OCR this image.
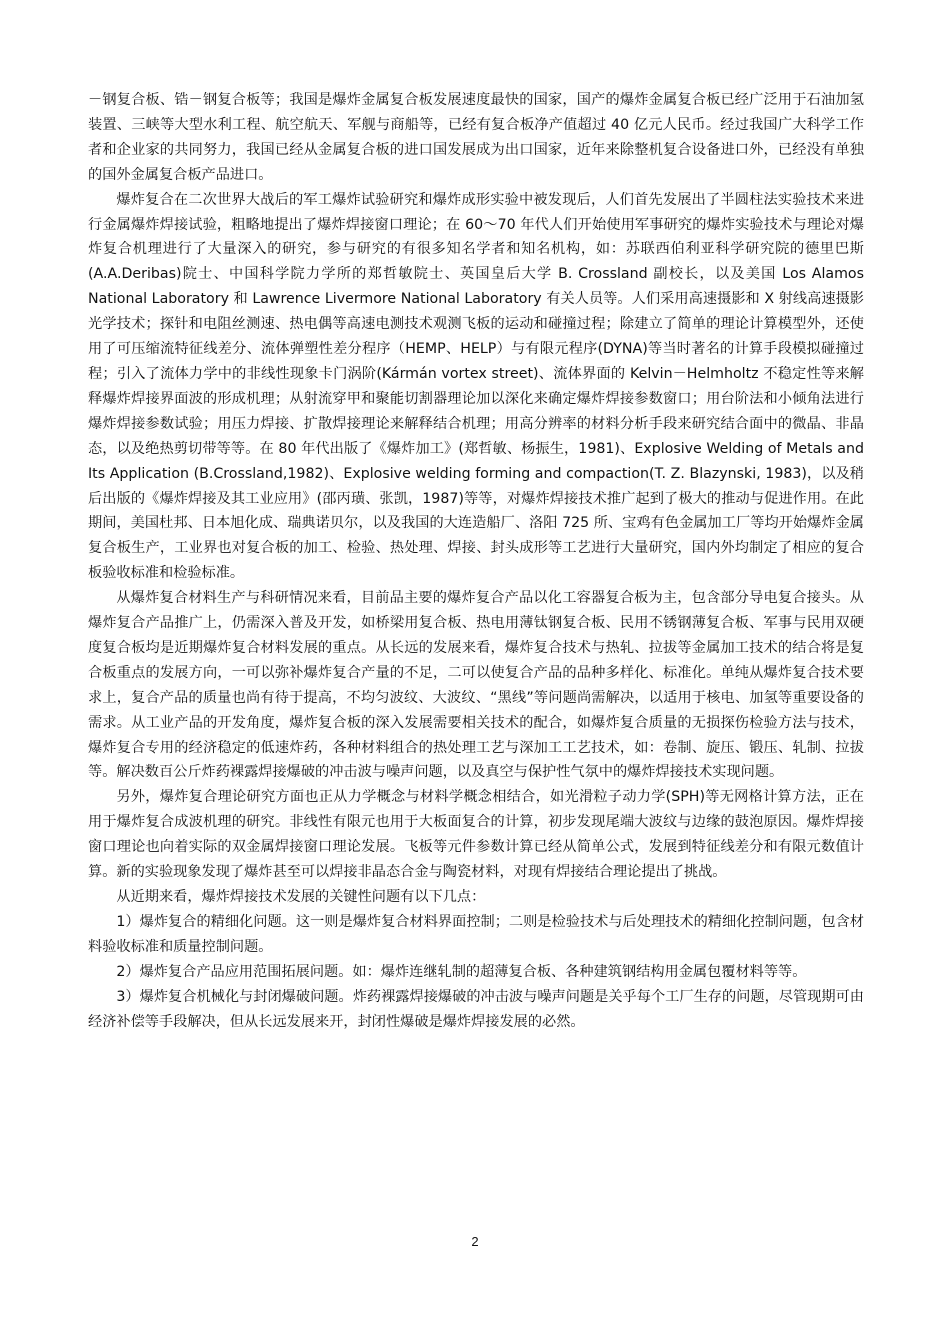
－钢复合板、锆－钢复合板等；我国是爆炸金属复合板发展速度最快的国家，国产的爆炸金属复合板已经广泛用于石油加氢装置、三峡等大型水利工程、航空航天、军舰与商船等，已经有复合板净产值超过 40 亿元人民币。经过我国广大科学工作者和企业家的共同努力，我国已经从金属复合板的进口国发展成为出口国家，近年来除整机复合设备进口外，已经没有单独的国外金属复合板产品进口。

爆炸复合在二次世界大战后的军工爆炸试验研究和爆炸成形实验中被发现后，人们首先发展出了半圆柱法实验技术来进行金属爆炸焊接试验，粗略地提出了爆炸焊接窗口理论；在 60～70 年代人们开始使用军事研究的爆炸实验技术与理论对爆炸复合机理进行了大量深入的研究，参与研究的有很多知名学者和知名机构，如：苏联西伯利亚科学研究院的德里巴斯(A.A.Deribas)院士、中国科学院力学所的郑哲敏院士、英国皇后大学 B. Crossland 副校长，以及美国 Los Alamos National Laboratory 和 Lawrence Livermore National Laboratory 有关人员等。人们采用高速摄影和 X 射线高速摄影光学技术；探针和电阻丝测速、热电偶等高速电测技术观测飞板的运动和碰撞过程；除建立了简单的理论计算模型外，还使用了可压缩流特征线差分、流体弹塑性差分程序（HEMP、HELP）与有限元程序(DYNA)等当时著名的计算手段模拟碰撞过程；引入了流体力学中的非线性现象卡门涡阶(Kármán vortex street)、流体界面的 Kelvin－Helmholtz 不稳定性等来解释爆炸焊接界面波的形成机理；从射流穿甲和聚能切割器理论加以深化来确定爆炸焊接参数窗口；用台阶法和小倾角法进行爆炸焊接参数试验；用压力焊接、扩散焊接理论来解释结合机理；用高分辨率的材料分析手段来研究结合面中的微晶、非晶态，以及绝热剪切带等等。在 80 年代出版了《爆炸加工》(郑哲敏、杨振生，1981)、Explosive Welding of Metals and Its Application (B.Crossland,1982)、Explosive welding forming and compaction(T. Z. Blazynski, 1983)，以及稍后出版的《爆炸焊接及其工业应用》(邵丙璜、张凯，1987)等等，对爆炸焊接技术推广起到了极大的推动与促进作用。在此期间，美国杜邦、日本旭化成、瑞典诺贝尔，以及我国的大连造船厂、洛阳 725 所、宝鸡有色金属加工厂等均开始爆炸金属复合板生产，工业界也对复合板的加工、检验、热处理、焊接、封头成形等工艺进行大量研究，国内外均制定了相应的复合板验收标准和检验标准。

从爆炸复合材料生产与科研情况来看，目前品主要的爆炸复合产品以化工容器复合板为主，包含部分导电复合接头。从爆炸复合产品推广上，仍需深入普及开发，如桥梁用复合板、热电用薄钛钢复合板、民用不锈钢薄复合板、军事与民用双硬度复合板均是近期爆炸复合材料发展的重点。从长远的发展来看，爆炸复合技术与热轧、拉拔等金属加工技术的结合将是复合板重点的发展方向，一可以弥补爆炸复合产量的不足，二可以使复合产品的品种多样化、标准化。单纯从爆炸复合技术要求上，复合产品的质量也尚有待于提高，不均匀波纹、大波纹、“黑线”等问题尚需解决，以适用于核电、加氢等重要设备的需求。从工业产品的开发角度，爆炸复合板的深入发展需要相关技术的配合，如爆炸复合质量的无损探伤检验方法与技术，爆炸复合专用的经济稳定的低速炸药，各种材料组合的热处理工艺与深加工工艺技术，如：卷制、旋压、锻压、轧制、拉拔等。解决数百公斤炸药裸露焊接爆破的冲击波与噪声问题，以及真空与保护性气氛中的爆炸焊接技术实现问题。

另外，爆炸复合理论研究方面也正从力学概念与材料学概念相结合，如光滑粒子动力学(SPH)等无网格计算方法，正在用于爆炸复合成波机理的研究。非线性有限元也用于大板面复合的计算，初步发现尾端大波纹与边缘的鼓泡原因。爆炸焊接窗口理论也向着实际的双金属焊接窗口理论发展。飞板等元件参数计算已经从简单公式，发展到特征线差分和有限元数值计算。新的实验现象发现了爆炸甚至可以焊接非晶态合金与陶瓷材料，对现有焊接结合理论提出了挑战。

从近期来看，爆炸焊接技术发展的关键性问题有以下几点：

1）爆炸复合的精细化问题。这一则是爆炸复合材料界面控制；二则是检验技术与后处理技术的精细化控制问题，包含材料验收标准和质量控制问题。

2）爆炸复合产品应用范围拓展问题。如：爆炸连继轧制的超薄复合板、各种建筑钢结构用金属包覆材料等等。

3）爆炸复合机械化与封闭爆破问题。炸药裸露焊接爆破的冲击波与噪声问题是关乎每个工厂生存的问题，尽管现期可由经济补偿等手段解决，但从长远发展来开，封闭性爆破是爆炸焊接发展的必然。

2
